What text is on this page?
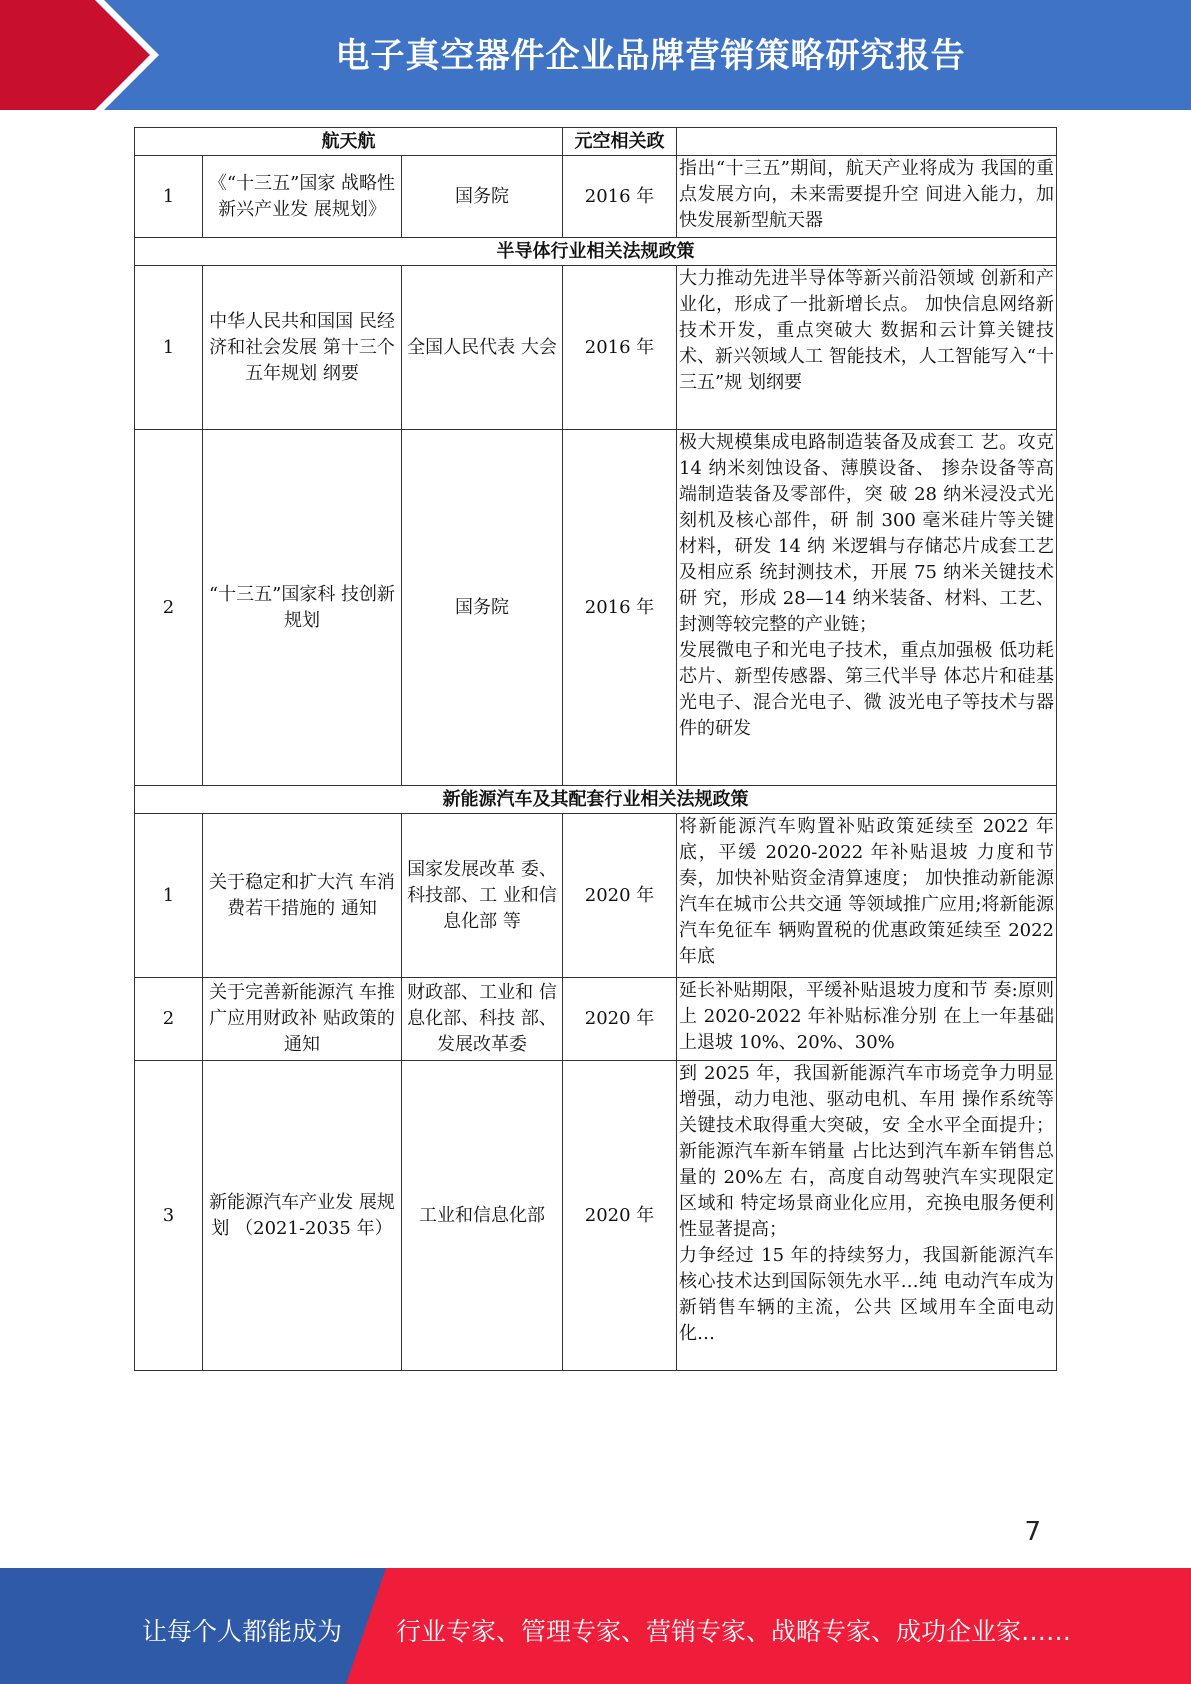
电子真空器件企业品牌营销策略研究报告
航天航			元空相关政	
1	《“十三五”国家 战略性新兴产业发 展规划》	国务院	2016 年	指出“十三五”期间，航天产业将成为 我国的重点发展方向，未来需要提升空 间进入能力，加快发展新型航天器

半导体行业相关法规政策				
1	中华人民共和国国 民经济和社会发展 第十三个五年规划 纲要	全国人民代表 大会	2016 年	大力推动先进半导体等新兴前沿领域 创新和产业化，形成了一批新增长点。 加快信息网络新技术开发，重点突破大 数据和云计算关键技术、新兴领域人工 智能技术，人工智能写入“十三五”规 划纲要

2	“十三五”国家科 技创新规划	国务院	2016 年	极大规模集成电路制造装备及成套工 艺。攻克 14 纳米刻蚀设备、薄膜设备、 掺杂设备等高端制造装备及零部件，突 破 28 纳米浸没式光刻机及核心部件，研 制 300 毫米硅片等关键材料，研发 14 纳 米逻辑与存储芯片成套工艺及相应系 统封测技术，开展 75 纳米关键技术研 究，形成 28—14 纳米装备、材料、工艺、 封测等较完整的产业链；
发展微电子和光电子技术，重点加强极 低功耗芯片、新型传感器、第三代半导 体芯片和硅基光电子、混合光电子、微 波光电子等技术与器件的研发

新能源汽车及其配套行业相关法规政策				
1	关于稳定和扩大汽 车消费若干措施的 通知	国家发展改革 委、科技部、工 业和信息化部 等	2020 年	将新能源汽车购置补贴政策延续至 2022 年底，平缓 2020-2022 年补贴退坡 力度和节奏，加快补贴资金清算速度； 加快推动新能源汽车在城市公共交通 等领域推广应用;将新能源汽车免征车 辆购置税的优惠政策延续至 2022 年底

2	关于完善新能源汽 车推广应用财政补 贴政策的通知	财政部、工业和 信息化部、科技 部、发展改革委	2020 年	延长补贴期限，平缓补贴退坡力度和节 奏:原则上 2020-2022 年补贴标准分别 在上一年基础上退坡 10%、20%、30%

3	新能源汽车产业发 展规划 （2021-2035 年）	工业和信息化部	2020 年	到 2025 年，我国新能源汽车市场竞争力明显增强，动力电池、驱动电机、车用 操作系统等关键技术取得重大突破，安 全水平全面提升；新能源汽车新车销量 占比达到汽车新车销售总量的 20%左 右，高度自动驾驶汽车实现限定区域和 特定场景商业化应用，充换电服务便利 性显著提高；
力争经过 15 年的持续努力，我国新能源汽车核心技术达到国际领先水平…纯 电动汽车成为新销售车辆的主流，公共 区域用车全面电动化…
7
让每个人都能成为 行业专家、管理专家、营销专家、战略专家、成功企业家……
